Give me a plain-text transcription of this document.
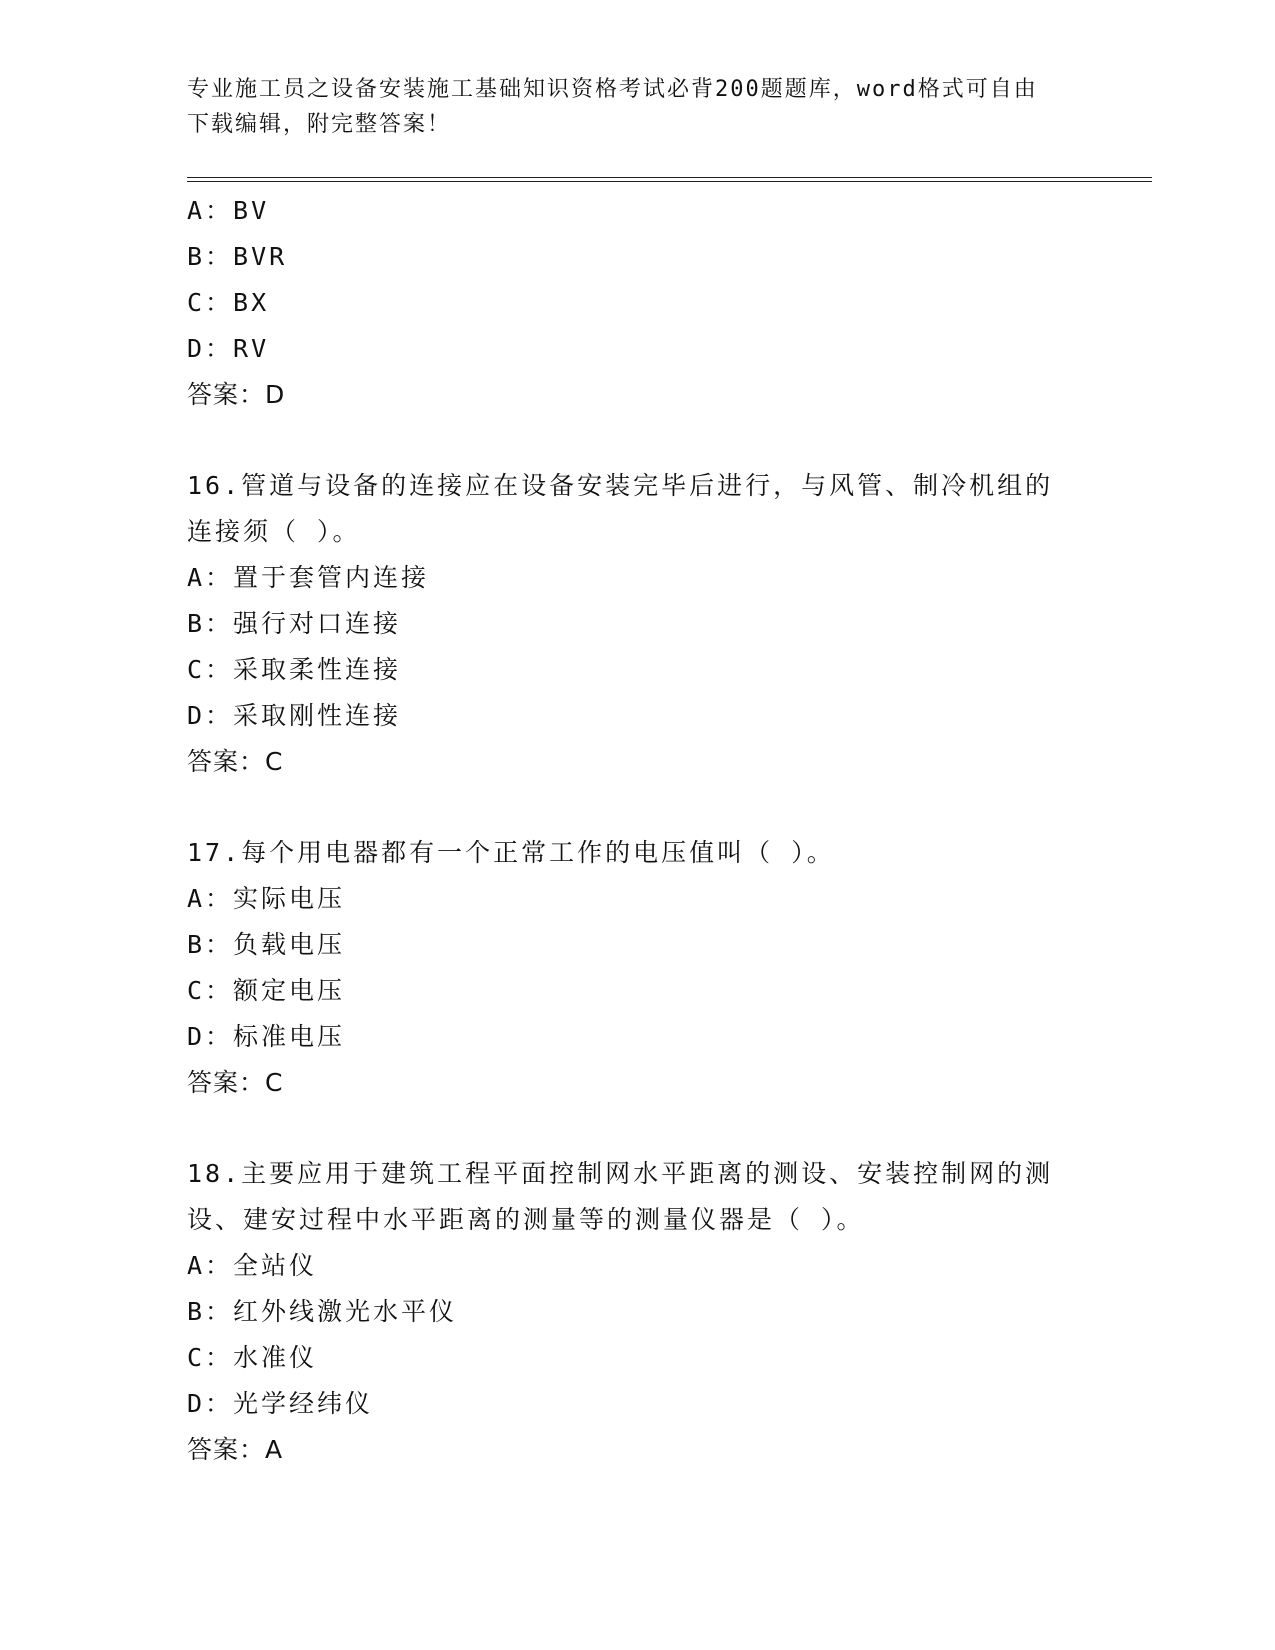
专业施工员之设备安装施工基础知识资格考试必背200题题库，word格式可自由
下载编辑，附完整答案！
A：BV
B：BVR
C：BX
D：RV
答案：D
16.管道与设备的连接应在设备安装完毕后进行，与风管、制冷机组的
连接须（ ）。
A：置于套管内连接
B：强行对口连接
C：采取柔性连接
D：采取刚性连接
答案：C
17.每个用电器都有一个正常工作的电压值叫（ ）。
A：实际电压
B：负载电压
C：额定电压
D：标准电压
答案：C
18.主要应用于建筑工程平面控制网水平距离的测设、安装控制网的测
设、建安过程中水平距离的测量等的测量仪器是（ ）。
A：全站仪
B：红外线激光水平仪
C：水准仪
D：光学经纬仪
答案：A
